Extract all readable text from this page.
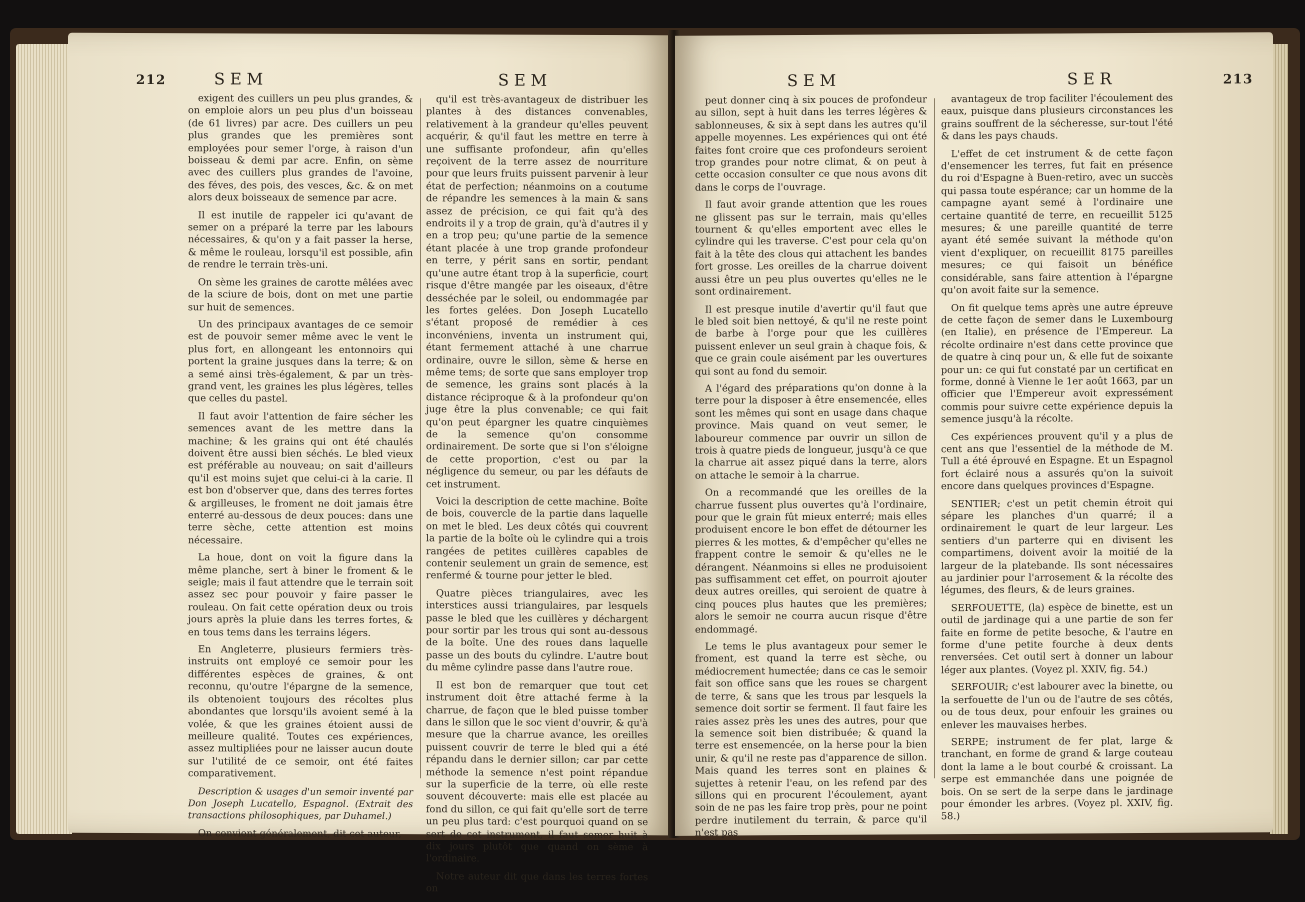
212	SEM	SEM

exigent des cuillers un peu plus grandes, & on emploie alors un peu plus d'un boisseau (de 61 livres) par acre. Des cuillers un peu plus grandes que les premières sont employées pour semer l'orge, à raison d'un boisseau & demi par acre. Enfin, on sème avec des cuillers plus grandes de l'avoine, des féves, des pois, des vesces, &c. & on met alors deux boisseaux de semence par acre.

Il est inutile de rappeler ici qu'avant de semer on a préparé la terre par les labours nécessaires, & qu'on y a fait passer la herse, & même le rouleau, lorsqu'il est possible, afin de rendre le terrain très-uni.

On sème les graines de carotte mêlées avec de la sciure de bois, dont on met une partie sur huit de semences.

Un des principaux avantages de ce semoir est de pouvoir semer même avec le vent le plus fort, en allongeant les entonnoirs qui portent la graine jusques dans la terre; & on a semé ainsi très-également, & par un très-grand vent, les graines les plus légères, telles que celles du pastel.

Il faut avoir l'attention de faire sécher les semences avant de les mettre dans la machine; & les grains qui ont été chaulés doivent être aussi bien séchés. Le bled vieux est préférable au nouveau; on sait d'ailleurs qu'il est moins sujet que celui-ci à la carie. Il est bon d'observer que, dans des terres fortes & argilleuses, le froment ne doit jamais être enterré au-dessous de deux pouces: dans une terre sèche, cette attention est moins nécessaire.

La houe, dont on voit la figure dans la même planche, sert à biner le froment & le seigle; mais il faut attendre que le terrain soit assez sec pour pouvoir y faire passer le rouleau. On fait cette opération deux ou trois jours après la pluie dans les terres fortes, & en tous tems dans les terrains légers.

En Angleterre, plusieurs fermiers très-instruits ont employé ce semoir pour les différentes espèces de graines, & ont reconnu, qu'outre l'épargne de la semence, ils obtenoient toujours des récoltes plus abondantes que lorsqu'ils avoient semé à la volée, & que les graines étoient aussi de meilleure qualité. Toutes ces expériences, assez multipliées pour ne laisser aucun doute sur l'utilité de ce semoir, ont été faites comparativement.

Description & usages d'un semoir inventé par Don Joseph Lucatello, Espagnol. (Extrait des transactions philosophiques, par Duhamel.)

On convient généralement, dit cet auteur,

qu'il est très-avantageux de distribuer les plantes à des distances convenables, relativement à la grandeur qu'elles peuvent acquérir, & qu'il faut les mettre en terre à une suffisante profondeur, afin qu'elles reçoivent de la terre assez de nourriture pour que leurs fruits puissent parvenir à leur état de perfection; néanmoins on a coutume de répandre les semences à la main & sans assez de précision, ce qui fait qu'à des endroits il y a trop de grain, qu'à d'autres il y en a trop peu; qu'une partie de la semence étant placée à une trop grande profondeur en terre, y périt sans en sortir, pendant qu'une autre étant trop à la superficie, court risque d'être mangée par les oiseaux, d'être desséchée par le soleil, ou endommagée par les fortes gelées. Don Joseph Lucatello s'étant proposé de remédier à ces inconvéniens, inventa un instrument qui, étant fermement attaché à une charrue ordinaire, ouvre le sillon, sème & herse en même tems; de sorte que sans employer trop de semence, les grains sont placés à la distance réciproque & à la profondeur qu'on juge être la plus convenable; ce qui fait qu'on peut épargner les quatre cinquièmes de la semence qu'on consomme ordinairement. De sorte que si l'on s'éloigne de cette proportion, c'est ou par la négligence du semeur, ou par les défauts de cet instrument.

Voici la description de cette machine. Boîte de bois, couvercle de la partie dans laquelle on met le bled. Les deux côtés qui couvrent la partie de la boîte où le cylindre qui a trois rangées de petites cuillères capables de contenir seulement un grain de semence, est renfermé & tourne pour jetter le bled.

Quatre pièces triangulaires, avec les interstices aussi triangulaires, par lesquels passe le bled que les cuillères y déchargent pour sortir par les trous qui sont au-dessous de la boîte. Une des roues dans laquelle passe un des bouts du cylindre. L'autre bout du même cylindre passe dans l'autre roue.

Il est bon de remarquer que tout cet instrument doit être attaché ferme à la charrue, de façon que le bled puisse tomber dans le sillon que le soc vient d'ouvrir, & qu'à mesure que la charrue avance, les oreilles puissent couvrir de terre le bled qui a été répandu dans le dernier sillon; car par cette méthode la semence n'est point répandue sur la superficie de la terre, où elle reste souvent découverte: mais elle est placée au fond du sillon, ce qui fait qu'elle sort de terre un peu plus tard: c'est pourquoi quand on se sert de cet instrument, il faut semer huit à dix jours plutôt que quand on sème à l'ordinaire.

Notre auteur dit que dans les terres fortes on

SEM	SER	213

peut donner cinq à six pouces de profondeur au sillon, sept à huit dans les terres légères & sablonneuses, & six à sept dans les autres qu'il appelle moyennes. Les expériences qui ont été faites font croire que ces profondeurs seroient trop grandes pour notre climat, & on peut à cette occasion consulter ce que nous avons dit dans le corps de l'ouvrage.

Il faut avoir grande attention que les roues ne glissent pas sur le terrain, mais qu'elles tournent & qu'elles emportent avec elles le cylindre qui les traverse. C'est pour cela qu'on fait à la tête des clous qui attachent les bandes fort grosse. Les oreilles de la charrue doivent aussi être un peu plus ouvertes qu'elles ne le sont ordinairement.

Il est presque inutile d'avertir qu'il faut que le bled soit bien nettoyé, & qu'il ne reste point de barbe à l'orge pour que les cuillères puissent enlever un seul grain à chaque fois, & que ce grain coule aisément par les ouvertures qui sont au fond du semoir.

A l'égard des préparations qu'on donne à la terre pour la disposer à être ensemencée, elles sont les mêmes qui sont en usage dans chaque province. Mais quand on veut semer, le laboureur commence par ouvrir un sillon de trois à quatre pieds de longueur, jusqu'à ce que la charrue ait assez piqué dans la terre, alors on attache le semoir à la charrue.

On a recommandé que les oreilles de la charrue fussent plus ouvertes qu'à l'ordinaire, pour que le grain fût mieux enterré; mais elles produisent encore le bon effet de détourner les pierres & les mottes, & d'empêcher qu'elles ne frappent contre le semoir & qu'elles ne le dérangent. Néanmoins si elles ne produisoient pas suffisamment cet effet, on pourroit ajouter deux autres oreilles, qui seroient de quatre à cinq pouces plus hautes que les premières; alors le semoir ne courra aucun risque d'être endommagé.

Le tems le plus avantageux pour semer le froment, est quand la terre est sèche, ou médiocrement humectée; dans ce cas le semoir fait son office sans que les roues se chargent de terre, & sans que les trous par lesquels la semence doit sortir se ferment. Il faut faire les raies assez près les unes des autres, pour que la semence soit bien distribuée; & quand la terre est ensemencée, on la herse pour la bien unir, & qu'il ne reste pas d'apparence de sillon. Mais quand les terres sont en plaines & sujettes à retenir l'eau, on les refend par des sillons qui en procurent l'écoulement, ayant soin de ne pas les faire trop près, pour ne point perdre inutilement du terrain, & parce qu'il n'est pas

avantageux de trop faciliter l'écoulement des eaux, puisque dans plusieurs circonstances les grains souffrent de la sécheresse, sur-tout l'été & dans les pays chauds.

L'effet de cet instrument & de cette façon d'ensemencer les terres, fut fait en présence du roi d'Espagne à Buen-retiro, avec un succès qui passa toute espérance; car un homme de la campagne ayant semé à l'ordinaire une certaine quantité de terre, en recueillit 5125 mesures; & une pareille quantité de terre ayant été semée suivant la méthode qu'on vient d'expliquer, on recueillit 8175 pareilles mesures; ce qui faisoit un bénéfice considérable, sans faire attention à l'épargne qu'on avoit faite sur la semence.

On fit quelque tems après une autre épreuve de cette façon de semer dans le Luxembourg (en Italie), en présence de l'Empereur. La récolte ordinaire n'est dans cette province que de quatre à cinq pour un, & elle fut de soixante pour un: ce qui fut constaté par un certificat en forme, donné à Vienne le 1er août 1663, par un officier que l'Empereur avoit expressément commis pour suivre cette expérience depuis la semence jusqu'à la récolte.

Ces expériences prouvent qu'il y a plus de cent ans que l'essentiel de la méthode de M. Tull a été éprouvé en Espagne. Et un Espagnol fort éclairé nous a assurés qu'on la suivoit encore dans quelques provinces d'Espagne.

SENTIER; c'est un petit chemin étroit qui sépare les planches d'un quarré; il a ordinairement le quart de leur largeur. Les sentiers d'un parterre qui en divisent les compartimens, doivent avoir la moitié de la largeur de la platebande. Ils sont nécessaires au jardinier pour l'arrosement & la récolte des légumes, des fleurs, & de leurs graines.

SERFOUETTE, (la) espèce de binette, est un outil de jardinage qui a une partie de son fer faite en forme de petite besoche, & l'autre en forme d'une petite fourche à deux dents renversées. Cet outil sert à donner un labour léger aux plantes. (Voyez pl. XXIV, fig. 54.)

SERFOUIR; c'est labourer avec la binette, ou la serfouette de l'un ou de l'autre de ses côtés, ou de tous deux, pour enfouir les graines ou enlever les mauvaises herbes.

SERPE; instrument de fer plat, large & tranchant, en forme de grand & large couteau dont la lame a le bout courbé & croissant. La serpe est emmanchée dans une poignée de bois. On se sert de la serpe dans le jardinage pour émonder les arbres. (Voyez pl. XXIV, fig. 58.)
